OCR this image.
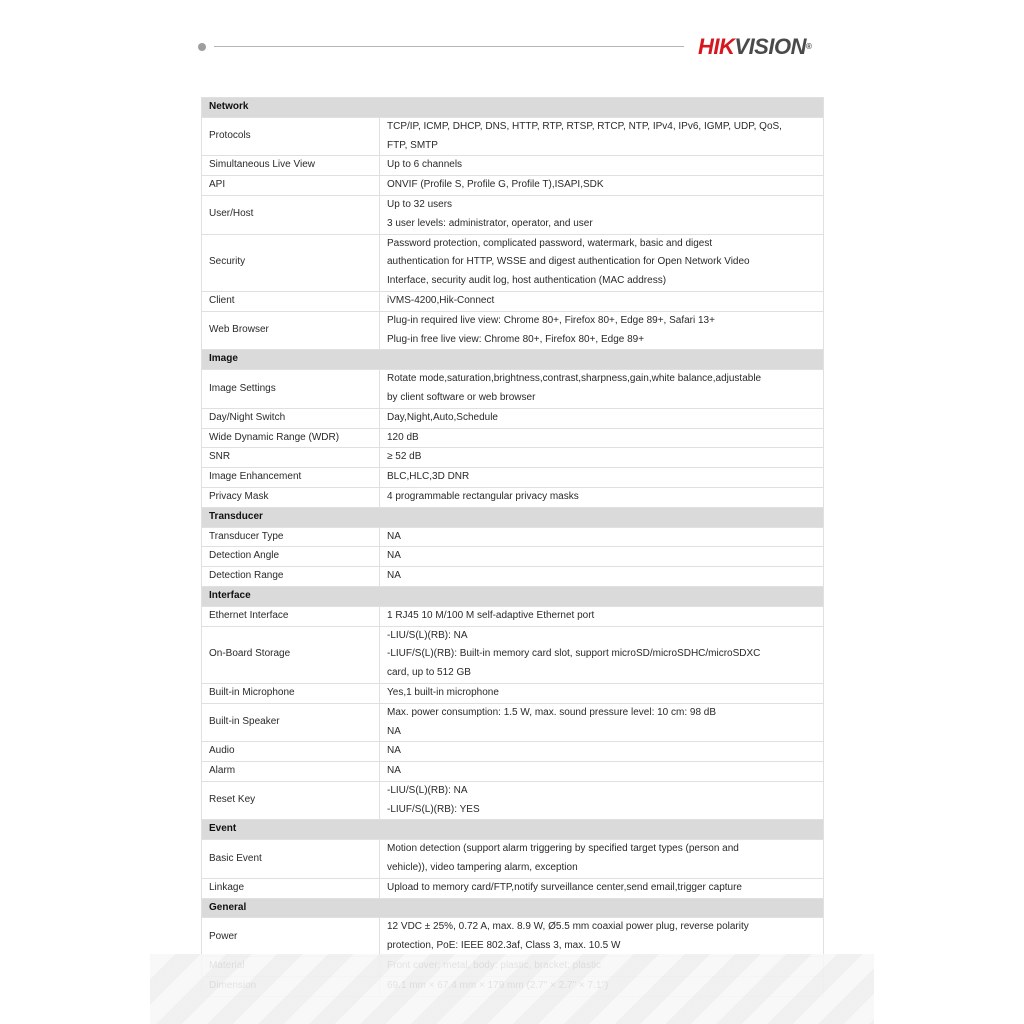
HIKVISION®
Network	
Protocols	TCP/IP, ICMP, DHCP, DNS, HTTP, RTP, RTSP, RTCP, NTP, IPv4, IPv6, IGMP, UDP, QoS,
FTP, SMTP

Simultaneous Live View	Up to 6 channels

API	ONVIF (Profile S, Profile G, Profile T),ISAPI,SDK

User/Host	Up to 32 users
3 user levels: administrator, operator, and user

Security	Password protection, complicated password, watermark, basic and digest
authentication for HTTP, WSSE and digest authentication for Open Network Video
Interface, security audit log, host authentication (MAC address)

Client	iVMS-4200,Hik-Connect

Web Browser	Plug-in required live view: Chrome 80+, Firefox 80+, Edge 89+, Safari 13+
Plug-in free live view: Chrome 80+, Firefox 80+, Edge 89+

Image	
Image Settings	Rotate mode,saturation,brightness,contrast,sharpness,gain,white balance,adjustable
by client software or web browser

Day/Night Switch	Day,Night,Auto,Schedule

Wide Dynamic Range (WDR)	120 dB

SNR	≥ 52 dB

Image Enhancement	BLC,HLC,3D DNR

Privacy Mask	4 programmable rectangular privacy masks

Transducer	
Transducer Type	NA

Detection Angle	NA

Detection Range	NA

Interface	
Ethernet Interface	1 RJ45 10 M/100 M self-adaptive Ethernet port

On-Board Storage	-LIU/S(L)(RB): NA
-LIUF/S(L)(RB): Built-in memory card slot, support microSD/microSDHC/microSDXC
card, up to 512 GB

Built-in Microphone	Yes,1 built-in microphone

Built-in Speaker	Max. power consumption: 1.5 W, max. sound pressure level: 10 cm: 98 dB
NA

Audio	NA

Alarm	NA

Reset Key	-LIU/S(L)(RB): NA
-LIUF/S(L)(RB): YES

Event	
Basic Event	Motion detection (support alarm triggering by specified target types (person and
vehicle)), video tampering alarm, exception

Linkage	Upload to memory card/FTP,notify surveillance center,send email,trigger capture

General	
Power	12 VDC ± 25%, 0.72 A, max. 8.9 W, Ø5.5 mm coaxial power plug, reverse polarity
protection, PoE: IEEE 802.3af, Class 3, max. 10.5 W
